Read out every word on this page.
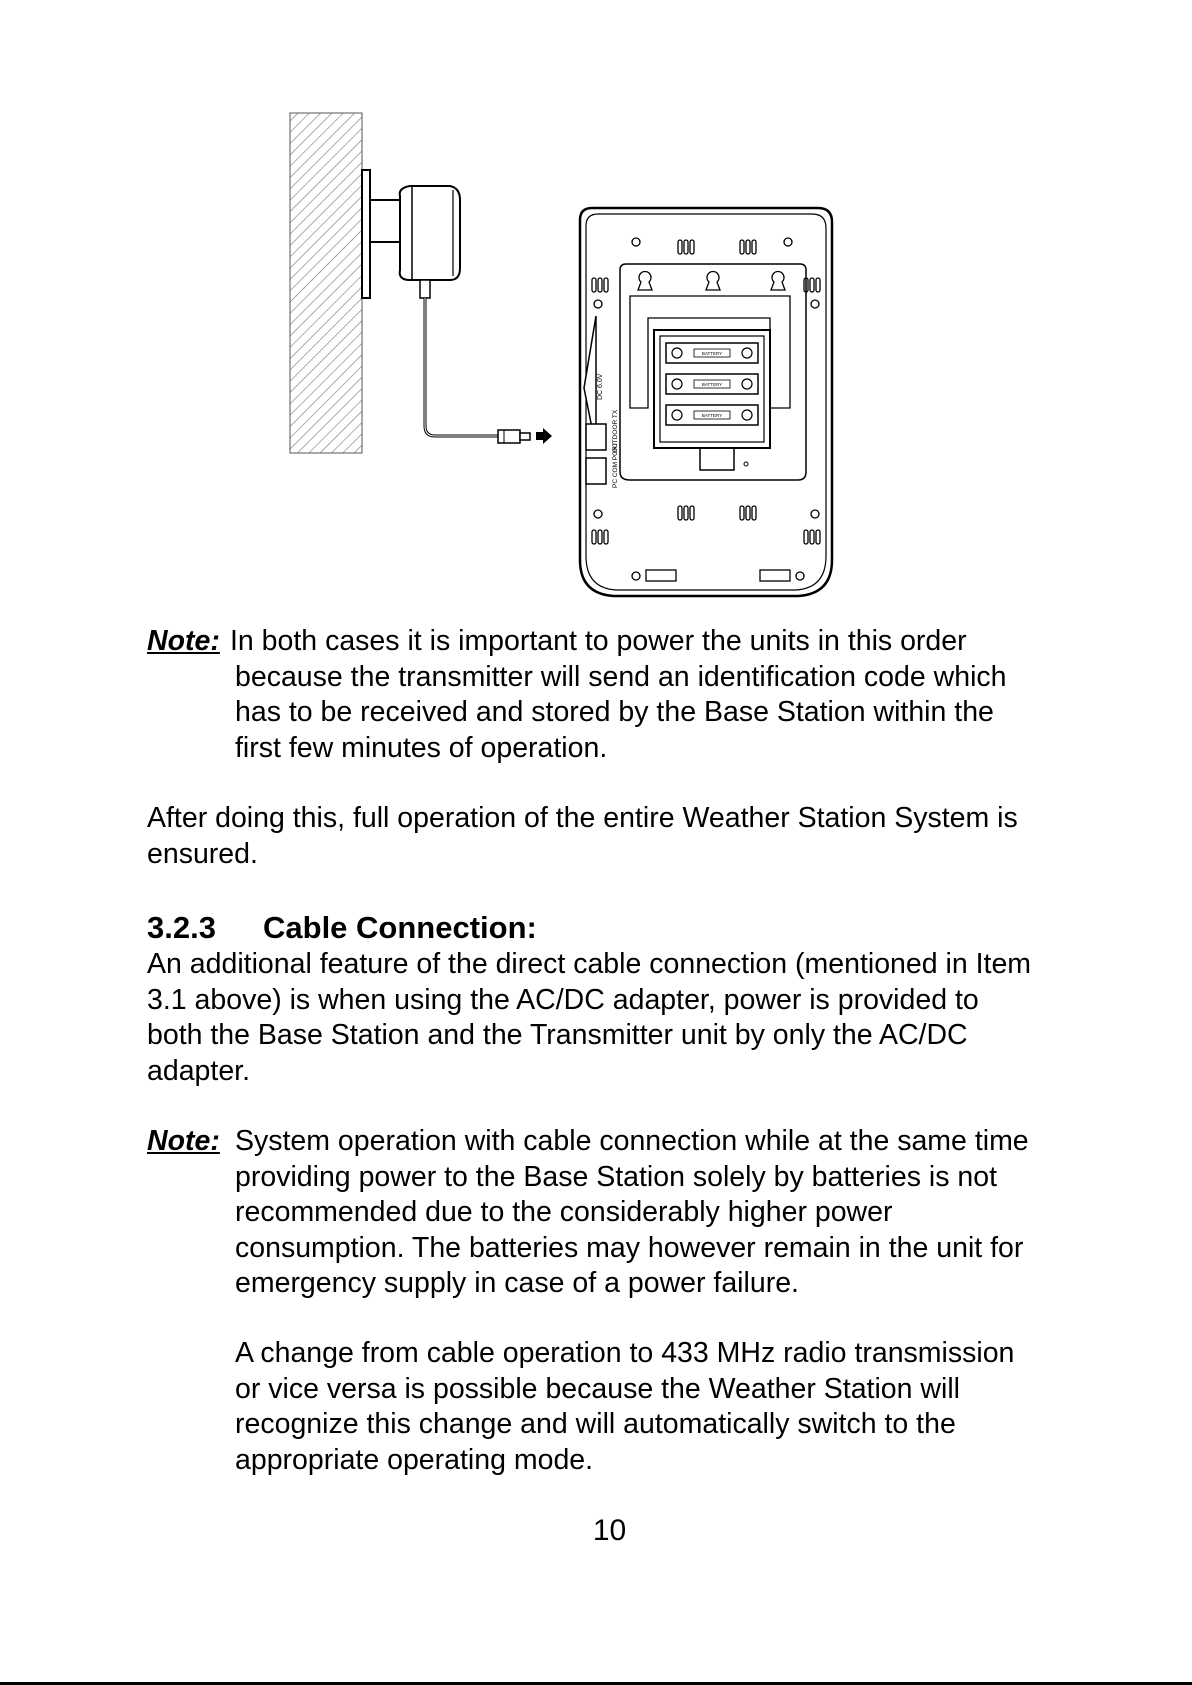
BATTERY
BATTERY
BATTERY
DC 6.0V
OUTDOOR TX
PC COM PORT
Note: In both cases it is important to power the units in this order
because the transmitter will send an identification code which
has to be received and stored by the Base Station within the
first few minutes of operation.
After doing this, full operation of the entire Weather Station System is
ensured.
3.2.3 Cable Connection:
An additional feature of the direct cable connection (mentioned in Item
3.1 above) is when using the AC/DC adapter, power is provided to
both the Base Station and the Transmitter unit by only the AC/DC
adapter.
Note: System operation with cable connection while at the same time
providing power to the Base Station solely by batteries is not
recommended due to the considerably higher power
consumption. The batteries may however remain in the unit for
emergency supply in case of a power failure.
A change from cable operation to 433 MHz radio transmission
or vice versa is possible because the Weather Station will
recognize this change and will automatically switch to the
appropriate operating mode.
10
